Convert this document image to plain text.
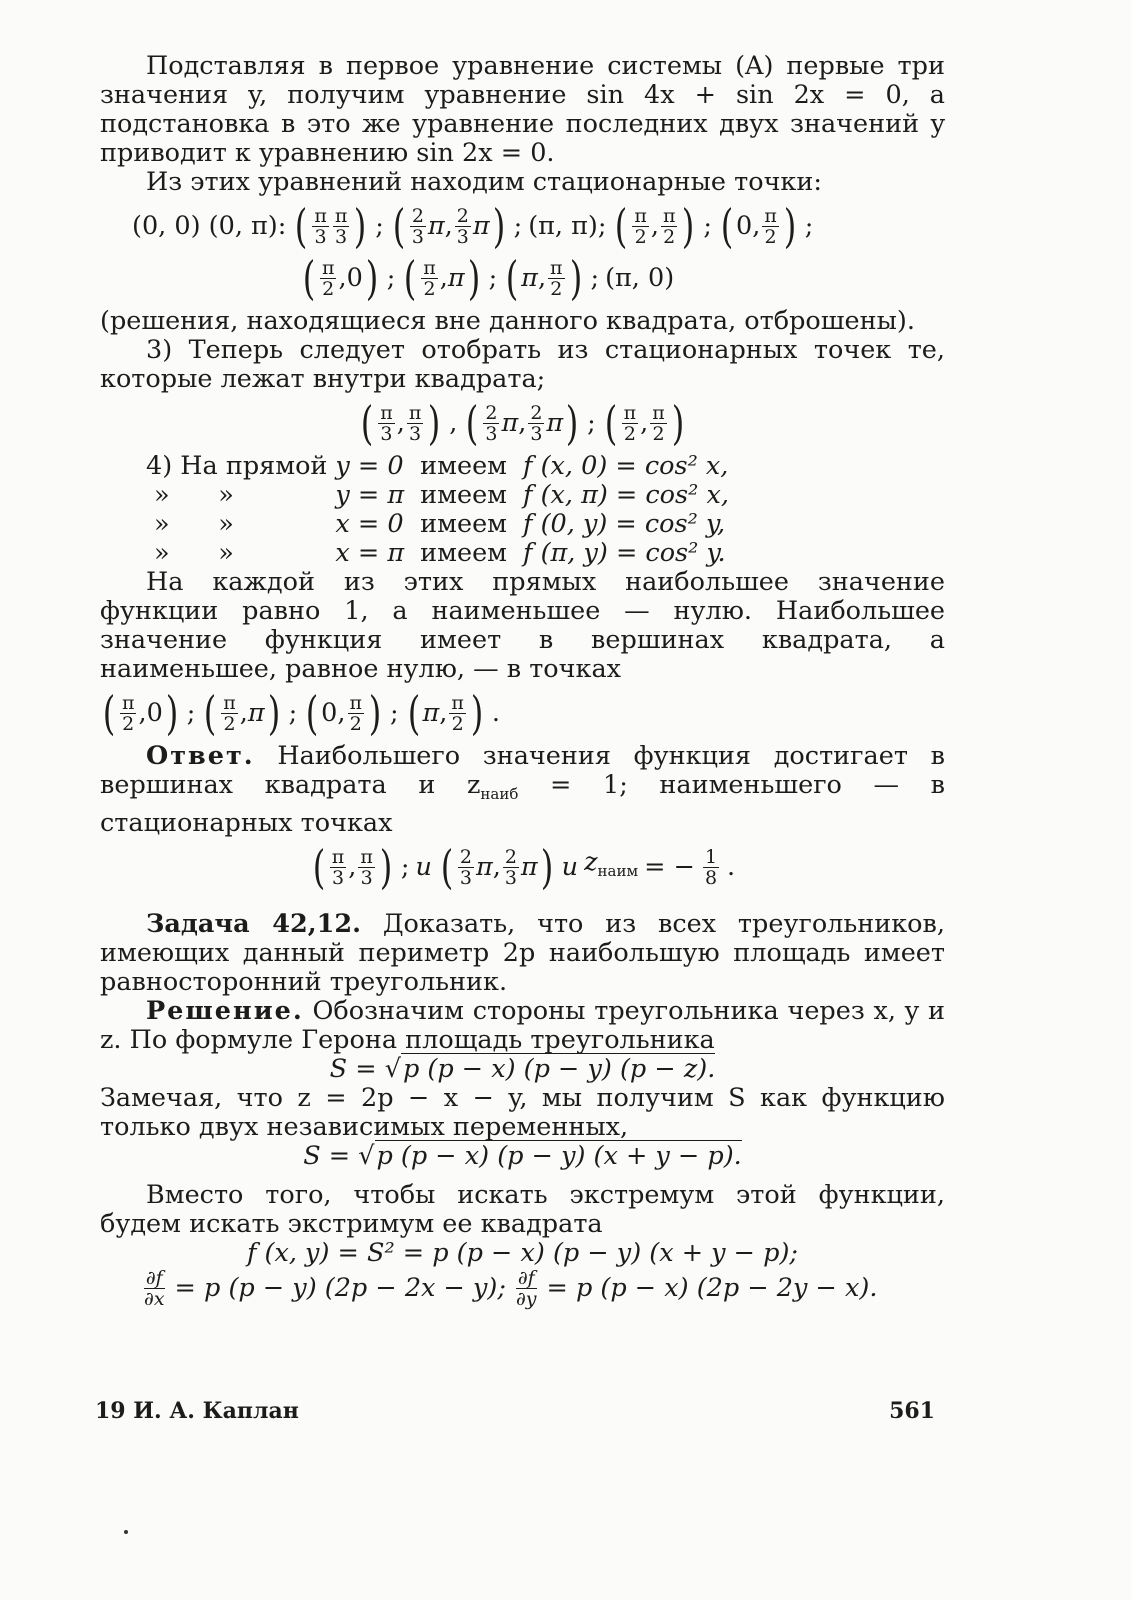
Подставляя в первое уравнение системы (A) первые три значения y, получим уравнение sin 4x + sin 2x = 0, а подстановка в это же уравнение последних двух значений y приводит к уравнению sin 2x = 0.

Из этих уравнений находим стационарные точки:

(0, 0) (0, π): ( $\frac{\pi}{3} \frac{\pi}{3}$
) ; ( $\frac{2}{3}$ π , $\frac{2}{3}$ π
) ; (π, π); ( $\frac{\pi}{2}$ , $\frac{\pi}{2}$
) ; ( 0 , $\frac{\pi}{2}$
) ;
( $\frac{\pi}{2}$ , 0
) ; ( $\frac{\pi}{2}$ , π
) ; ( π , $\frac{\pi}{2}$
) ; (π, 0)

(решения, находящиеся вне данного квадрата, отброшены).

3) Теперь следует отобрать из стационарных точек те, которые лежат внутри квадрата;

( $\frac{\pi}{3}$ , $\frac{\pi}{3}$
) , ( $\frac{2}{3}$ π , $\frac{2}{3}$ π
) ; ( $\frac{\pi}{2}$ , $\frac{\pi}{2}$
)
4) На прямой	y = 0	имеем	f (x, 0) = cos² x,
» »	y = π	имеем	f (x, π) = cos² x,
» »	x = 0	имеем	f (0, y) = cos² y,
» »	x = π	имеем	f (π, y) = cos² y.

На каждой из этих прямых наибольшее значение функции равно 1, а наименьшее — нулю. Наибольшее значение функция имеет в вершинах квадрата, а наименьшее, равное нулю, — в точках

( $\frac{\pi}{2}$ , 0
) ; ( $\frac{\pi}{2}$ , π
) ; ( 0 , $\frac{\pi}{2}$
) ; ( π , $\frac{\pi}{2}$
) .

Ответ. Наибольшего значения функция достигает в вершинах квадрата и $z_{наиб} = 1$; наименьшего — в стационарных точках

( $\frac{\pi}{3}$ , $\frac{\pi}{3}$
) ; и ( $\frac{2}{3}$ π , $\frac{2}{3}$ π
) и $z_{наим}$ = − $\frac{1}{8}$ .

Задача 42,12. Доказать, что из всех треугольников, имеющих данный периметр 2p наибольшую площадь имеет равносторонний треугольник.

Решение. Обозначим стороны треугольника через x, y и z. По формуле Герона площадь треугольника

S = √p (p − x) (p − y) (p − z).

Замечая, что z = 2p − x − y, мы получим S как функцию только двух независимых переменных,

S = √p (p − x) (p − y) (x + y − p).

Вместо того, чтобы искать экстремум этой функции, будем искать экстримум ее квадрата

f (x, y) = S² = p (p − x) (p − y) (x + y − p);
$\frac{\partial f}{\partial x} = p$ (p − y) (2p − 2x − y); $\frac{\partial f}{\partial y} = p$ (p − x) (2p − 2y − x).
19 И. А. Каплан	561
